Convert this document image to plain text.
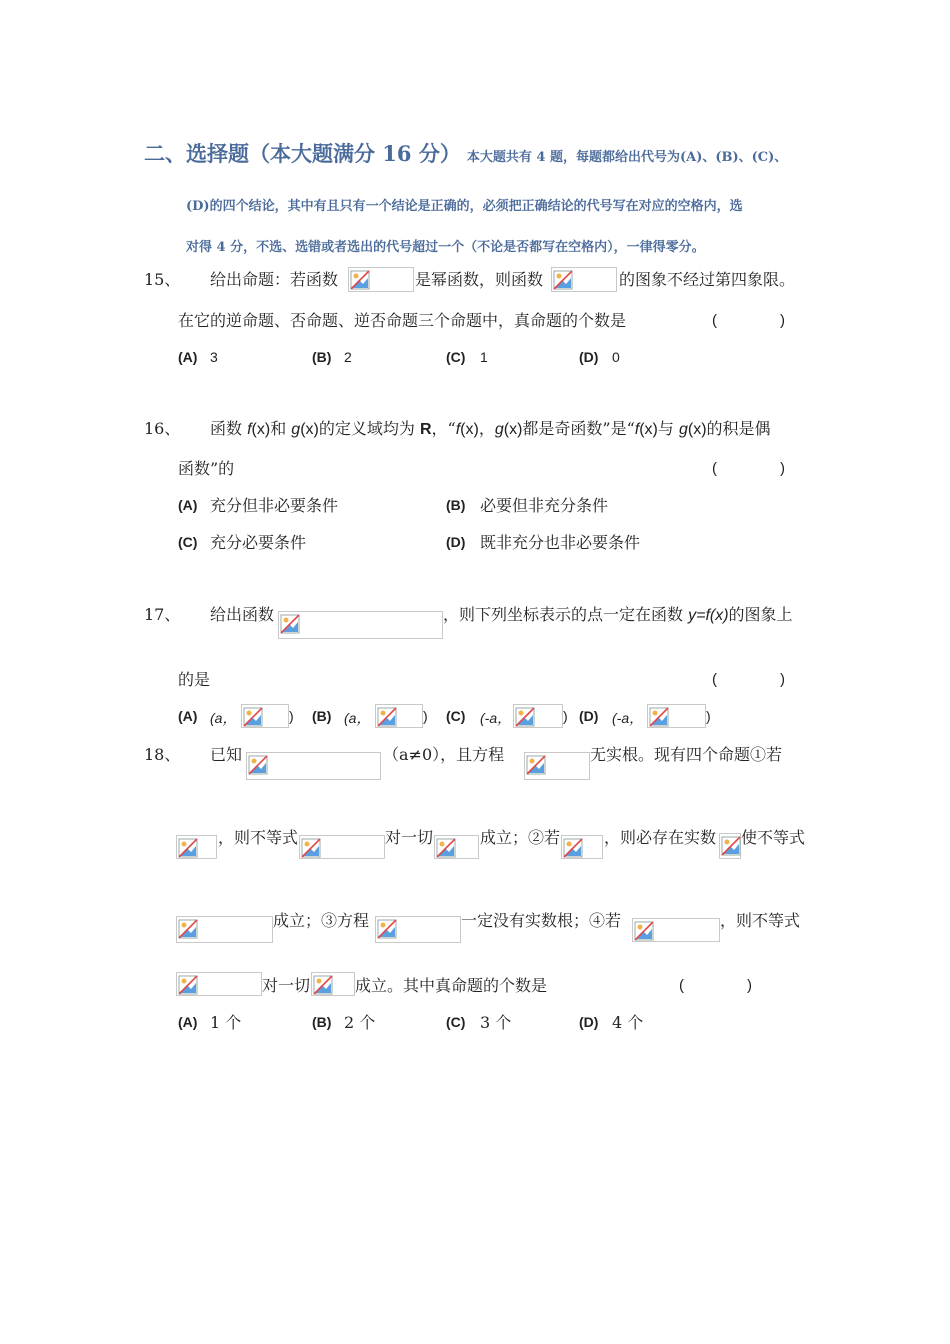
二、选择题（本大题满分 16 分） 本大题共有 4 题，每题都给出代号为(A)、(B)、(C)、
(D)的四个结论，其中有且只有一个结论是正确的，必须把正确结论的代号写在对应的空格内，选
对得 4 分，不选、选错或者选出的代号超过一个（不论是否都写在空格内），一律得零分。
15、 给出命题：若函数	是幂函数，则函数	的图象不经过第四象限。
在它的逆命题、否命题、逆否命题三个命题中，真命题的个数是	(	)
(A) 3	(B) 2	(C) 1	(D) 0
16、 函数 f(x)和 g(x)的定义域均为 R，“f(x)，g(x)都是奇函数”是“f(x)与 g(x)的积是偶
函数”的	(	)
(A) 充分但非必要条件	(B) 必要但非充分条件
(C) 充分必要条件	(D) 既非充分也非必要条件
17、 给出函数	，则下列坐标表示的点一定在函数 y=f(x)的图象上
的是	(	)
(A) (a，	) (B) (a，	) (C) (-a，	) (D) (-a，	)
18、 已知	（a≠0），且方程	无实根。现有四个命题①若
，则不等式	对一切	成立；②若	，则必存在实数 使不等式
成立；③方程	一定没有实数根；④若	，则不等式
对一切	成立。其中真命题的个数是	(	)
(A) 1 个	(B) 2 个	(C) 3 个	(D) 4 个
